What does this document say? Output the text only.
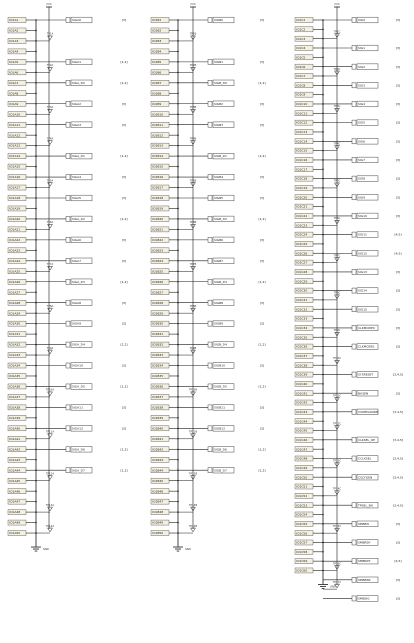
GND
VCC
IO1A1
IO1A2
IO1A3
IO1A4
IO1A5
IO1A6
IO1A7
IO1A8
IO1A9
IO1A10
IO1A11
IO1A12
IO1A13
IO1A14
IO1A15
IO1A16
IO1A17
IO1A18
IO1A19
IO1A20
IO1A21
IO1A22
IO1A23
IO1A24
IO1A25
IO1A26
IO1A27
IO1A28
IO1A29
IO1A30
IO1A31
IO1A32
IO1A33
IO1A34
IO1A35
IO1A36
IO1A37
IO1A38
IO1A39
IO1A40
IO1A41
IO1A42
IO1A43
IO1A44
IO1A45
IO1A46
IO1A47
IO1A48
IO1A49
IO1A50
TP1A
TP2A
TP3A
TP4A
TP5A
TP6A
TP7A
TP8A
TP9A
TP10A
TP11A
TP12A
TP13A
TP14A
SIGA0	[3]
SIGA1	[1,2]
SIGA_D0	[1,2]
SIGA2	[3]
SIGA3	[3]
SIGA_D1	[1,2]
SIGA4	[3]
SIGA5	[3]
SIGA_D2	[1,2]
SIGA6	[3]
SIGA7	[3]
SIGA_D3	[1,2]
SIGA8	[3]
SIGA9	[3]
SIGA_D4	[1,2]
SIGA10	[3]
SIGA_D5	[1,2]
SIGA11	[3]
SIGA12	[3]
SIGA_D6	[1,2]
SIGA_D7	[1,2]
GND
VCC
IO1B1
IO1B2
IO1B3
IO1B4
IO1B5
IO1B6
IO1B7
IO1B8
IO1B9
IO1B10
IO1B11
IO1B12
IO1B13
IO1B14
IO1B15
IO1B16
IO1B17
IO1B18
IO1B19
IO1B20
IO1B21
IO1B22
IO1B23
IO1B24
IO1B25
IO1B26
IO1B27
IO1B28
IO1B29
IO1B30
IO1B31
IO1B32
IO1B33
IO1B34
IO1B35
IO1B36
IO1B37
IO1B38
IO1B39
IO1B40
IO1B41
IO1B42
IO1B43
IO1B44
IO1B45
IO1B46
IO1B47
IO1B48
IO1B49
IO1B50
TP1B
TP2B
TP3B
TP4B
TP5B
TP6B
TP7B
TP8B
TP9B
TP10B
TP11B
TP12B
TP13B
TP14B
SIGB0	[3]
SIGB1	[3]
SIGB_D0	[1,2]
SIGB2	[3]
SIGB3	[3]
SIGB_D1	[1,2]
SIGB4	[3]
SIGB5	[3]
SIGB_D2	[1,2]
SIGB6	[3]
SIGB7	[3]
SIGB_D3	[1,2]
SIGB8	[3]
SIGB9	[3]
SIGB_D4	[1,2]
SIGB10	[3]
SIGB_D5	[1,2]
SIGB11	[3]
SIGB12	[3]
SIGB_D6	[1,2]
SIGB_D7	[1,2]
GND
VCC
IO1C1
IO1C2
IO1C3
IO1C4
IO1C5
IO1C6
IO1C7
IO1C8
IO1C9
IO1C10
IO1C11
IO1C12
IO1C13
IO1C14
IO1C15
IO1C16
IO1C17
IO1C18
IO1C19
IO1C20
IO1C21
IO1C22
IO1C23
IO1C24
IO1C25
IO1C26
IO1C27
IO1C28
IO1C29
IO1C30
IO1C31
IO1C32
IO1C33
IO1C34
IO1C35
IO1C36
IO1C37
IO1C38
IO1C39
IO1C40
IO1C41
IO1C42
IO1C43
IO1C44
IO1C45
IO1C46
IO1C47
IO1C48
IO1C49
IO1C50
IO1C51
IO1C52
IO1C53
IO1C54
IO1C55
IO1C56
IO1C57
IO1C58
IO1C59
IO1C60
TP1C
TP2C
TP3C
TP4C
TP5C
TP6C
TP7C
TP8C
TP9C
TP10C
TP11C
TP12C
TP13C
TP14C
TP15C
TP16C
TP17C
SIG0	[3]
SIG1	[3]
SIG2	[3]
SIG3	[3]
SIG4	[3]
SIG5	[3]
SIG6	[3]
SIG7	[3]
SIG8	[3]
SIG9	[3]
SIG10	[3]
SIG11	[4,5]
SIG12	[4,5]
SIG13	[3]
SIG14	[3]
SIG15	[3]
CLKMODE0	[3]
CLKMODE1	[3]
SYSRESET	[3,4,5]
BUSEN	[3]
CONFIGDONE	[3,4,5]
CLKSEL_OE	[3,4,5]
CCLKSEL	[3,4,5]
CSCFGEN	[3,4,5]
TPSEL_EN	[3,4,5]
SMBEN	[3]
SMBRDY	[3]
SMBINIT	[4,5]
SMBERR	[3]
SMBSIG	[3]
